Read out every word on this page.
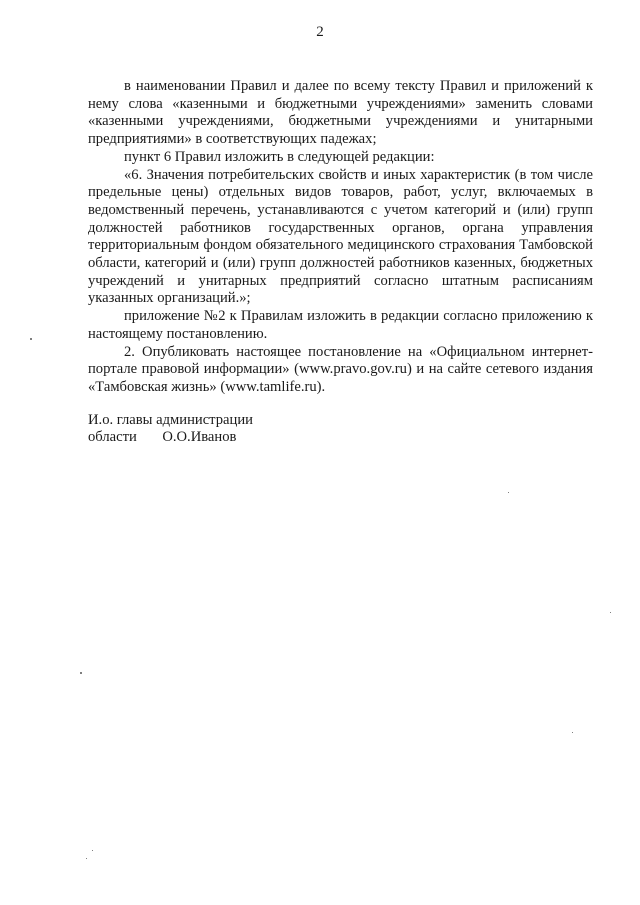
2

в наименовании Правил и далее по всему тексту Правил и приложений к нему слова «казенными и бюджетными учреждениями» заменить словами «казенными учреждениями, бюджетными учреждениями и унитарными предприятиями» в соответствующих падежах;

пункт 6 Правил изложить в следующей редакции:

«6. Значения потребительских свойств и иных характеристик (в том числе предельные цены) отдельных видов товаров, работ, услуг, включаемых в ведомственный перечень, устанавливаются с учетом категорий и (или) групп должностей работников государственных органов, органа управления территориальным фондом обязательного медицинского страхования Тамбовской области, категорий и (или) групп должностей работников казенных, бюджетных учреждений и унитарных предприятий согласно штатным расписаниям указанных организаций.»;

приложение №2 к Правилам изложить в редакции согласно приложению к настоящему постановлению.

2. Опубликовать настоящее постановление на «Официальном интернет-портале правовой информации» (www.pravo.gov.ru) и на сайте сетевого издания «Тамбовская жизнь» (www.tamlife.ru).

И.о. главы администрации
области       О.О.Иванов
